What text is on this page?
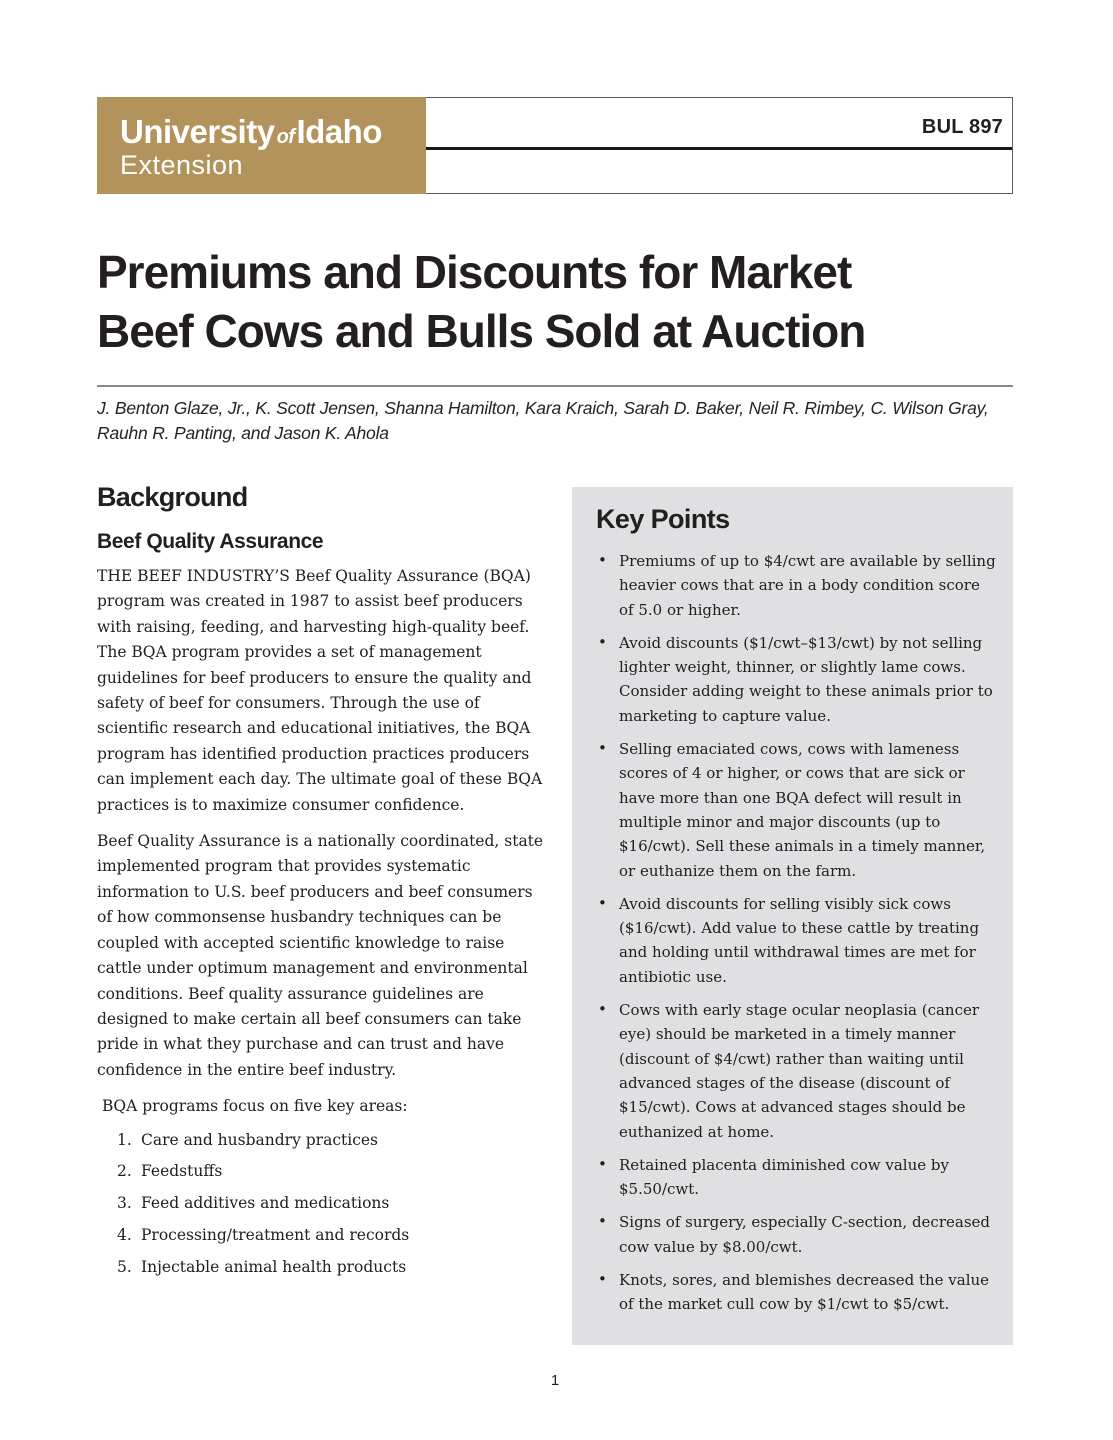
University ofIdaho
Extension
BUL 897
Premiums and Discounts for Market
Beef Cows and Bulls Sold at Auction

J. Benton Glaze, Jr., K. Scott Jensen, Shanna Hamilton, Kara Kraich, Sarah D. Baker, Neil R. Rimbey, C. Wilson Gray, Rauhn R. Panting, and Jason K. Ahola

Background
Beef Quality Assurance

THE BEEF INDUSTRY’S Beef Quality Assurance (BQA) program was created in 1987 to assist beef producers with raising, feeding, and harvesting high-quality beef. The BQA program provides a set of management guidelines for beef producers to ensure the quality and safety of beef for consumers. Through the use of scientific research and educational initiatives, the BQA program has identified production practices producers can implement each day. The ultimate goal of these BQA practices is to maximize consumer confidence.

Beef Quality Assurance is a nationally coordinated, state implemented program that provides systematic information to U.S. beef producers and beef consumers of how commonsense husbandry techniques can be coupled with accepted scientific knowledge to raise cattle under optimum management and environmental conditions. Beef quality assurance guidelines are designed to make certain all beef consumers can take pride in what they purchase and can trust and have confidence in the entire beef industry.

BQA programs focus on five key areas:

1. Care and husbandry practices
2. Feedstuffs
3. Feed additives and medications
4. Processing/treatment and records
5. Injectable animal health products
Key Points
• Premiums of up to $4/cwt are available by selling heavier cows that are in a body condition score of 5.0 or higher.
• Avoid discounts ($1/cwt–$13/cwt) by not selling lighter weight, thinner, or slightly lame cows. Consider adding weight to these animals prior to marketing to capture value.
• Selling emaciated cows, cows with lameness scores of 4 or higher, or cows that are sick or have more than one BQA defect will result in multiple minor and major discounts (up to $16/cwt). Sell these animals in a timely manner, or euthanize them on the farm.
• Avoid discounts for selling visibly sick cows ($16/cwt). Add value to these cattle by treating and holding until withdrawal times are met for antibiotic use.
• Cows with early stage ocular neoplasia (cancer eye) should be marketed in a timely manner (discount of $4/cwt) rather than waiting until advanced stages of the disease (discount of $15/cwt). Cows at advanced stages should be euthanized at home.
• Retained placenta diminished cow value by $5.50/cwt.
• Signs of surgery, especially C-section, decreased cow value by $8.00/cwt.
• Knots, sores, and blemishes decreased the value of the market cull cow by $1/cwt to $5/cwt.
1
